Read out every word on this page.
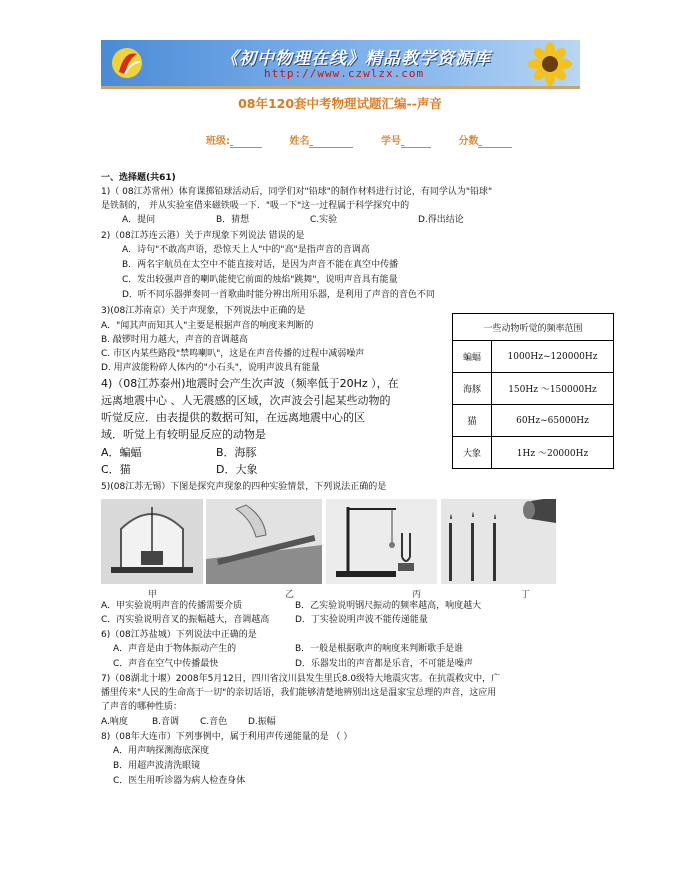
《初中物理在线》精品教学资源库
http://www.czwlzx.com
08年120套中考物理试题汇编--声音
班级:	姓名	学号	分数
一、选择题(共61)
1)（ 08江苏常州）体育课掷铅球活动后，同学们对"铅球"的制作材料进行讨论，有同学认为"铅球"
是铁制的， 并从实验室借来磁铁吸一下．"吸一下"这一过程属于科学探究中的
A．提问	B．猜想	C.实验	D.得出结论
2)（08江苏连云港）关于声现象下列说法 错误的是
A．诗句"不敢高声语，恐惊天上人"中的"高"是指声音的音调高
B．两名宇航员在太空中不能直接对话，是因为声音不能在真空中传播
C．发出较强声音的喇叭能使它前面的烛焰"跳舞"，说明声音具有能量
D．听不同乐器弹奏同一首歌曲时能分辨出所用乐器，是利用了声音的音色不同
3)(08江苏南京）关于声现象，下列说法中正确的是
A．"闻其声而知其人"主要是根据声音的响度来判断的
B. 敲锣时用力越大，声音的音调越高
C. 市区内某些路段"禁鸣喇叭"，这是在声音传播的过程中减弱噪声
D. 用声波能粉碎人体内的"小石头"，说明声波具有能量
4)（08江苏泰州)地震时会产生次声波（频率低于20Hz ），在
远离地震中心 、人无震感的区域，次声波会引起某些动物的
听觉反应．由表提供的数据可知，在远离地震中心的区
域．听觉上有较明显反应的动物是
A．蝙蝠	B．海豚
C．猫	D．大象
一些动物听觉的频率范围	
蝙蝠	1000Hz~120000Hz
海豚	150Hz ～150000Hz
猫	60Hz~65000Hz
大象	1Hz ～20000Hz
5)(08江苏无锡）下图是探究声现象的四种实验情景，下列说法正确的是
甲	乙	丙	丁
A．甲实验说明声音的传播需要介质	B．乙实验说明钢尺振动的频率越高，响度越大
C．丙实验说明音叉的振幅越大，音调越高	D．丁实验说明声波不能传递能量
6)（08江苏盐城）下列说法中正确的是
A．声音是由于物体振动产生的	B．一般是根据歌声的响度来判断歌手是谁
C．声音在空气中传播最快	D．乐器发出的声音都是乐音，不可能是噪声
7)（08湖北十堰）2008年5月12日，四川省汶川县发生里氏8.0级特大地震灾害。在抗震救灾中，广
播里传来"人民的生命高于一切"的亲切话语，我们能够清楚地辨别出这是温家宝总理的声音，这应用
了声音的哪种性质：
A.响度	B.音调 C.音色 D.振幅
8)（08年大连市）下列事例中，属于利用声传递能量的是 （ ）
A．用声呐探测海底深度
B．用超声波清洗眼镜
C．医生用听诊器为病人检查身体
